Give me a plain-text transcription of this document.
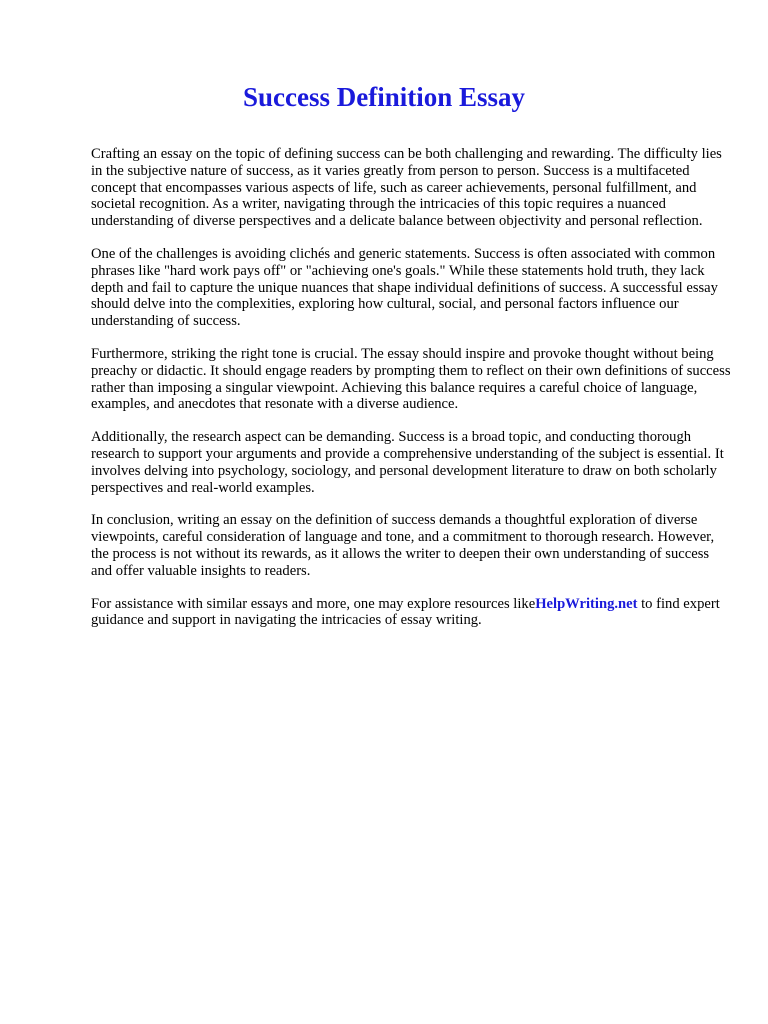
Success Definition Essay

Crafting an essay on the topic of defining success can be both challenging and rewarding. The difficulty lies in the subjective nature of success, as it varies greatly from person to person. Success is a multifaceted concept that encompasses various aspects of life, such as career achievements, personal fulfillment, and societal recognition. As a writer, navigating through the intricacies of this topic requires a nuanced understanding of diverse perspectives and a delicate balance between objectivity and personal reflection.

One of the challenges is avoiding clichés and generic statements. Success is often associated with common phrases like "hard work pays off" or "achieving one's goals." While these statements hold truth, they lack depth and fail to capture the unique nuances that shape individual definitions of success. A successful essay should delve into the complexities, exploring how cultural, social, and personal factors influence our understanding of success.

Furthermore, striking the right tone is crucial. The essay should inspire and provoke thought without being preachy or didactic. It should engage readers by prompting them to reflect on their own definitions of success rather than imposing a singular viewpoint. Achieving this balance requires a careful choice of language, examples, and anecdotes that resonate with a diverse audience.

Additionally, the research aspect can be demanding. Success is a broad topic, and conducting thorough research to support your arguments and provide a comprehensive understanding of the subject is essential. It involves delving into psychology, sociology, and personal development literature to draw on both scholarly perspectives and real-world examples.

In conclusion, writing an essay on the definition of success demands a thoughtful exploration of diverse viewpoints, careful consideration of language and tone, and a commitment to thorough research. However, the process is not without its rewards, as it allows the writer to deepen their own understanding of success and offer valuable insights to readers.

For assistance with similar essays and more, one may explore resources likeHelpWriting.net to find expert guidance and support in navigating the intricacies of essay writing.
